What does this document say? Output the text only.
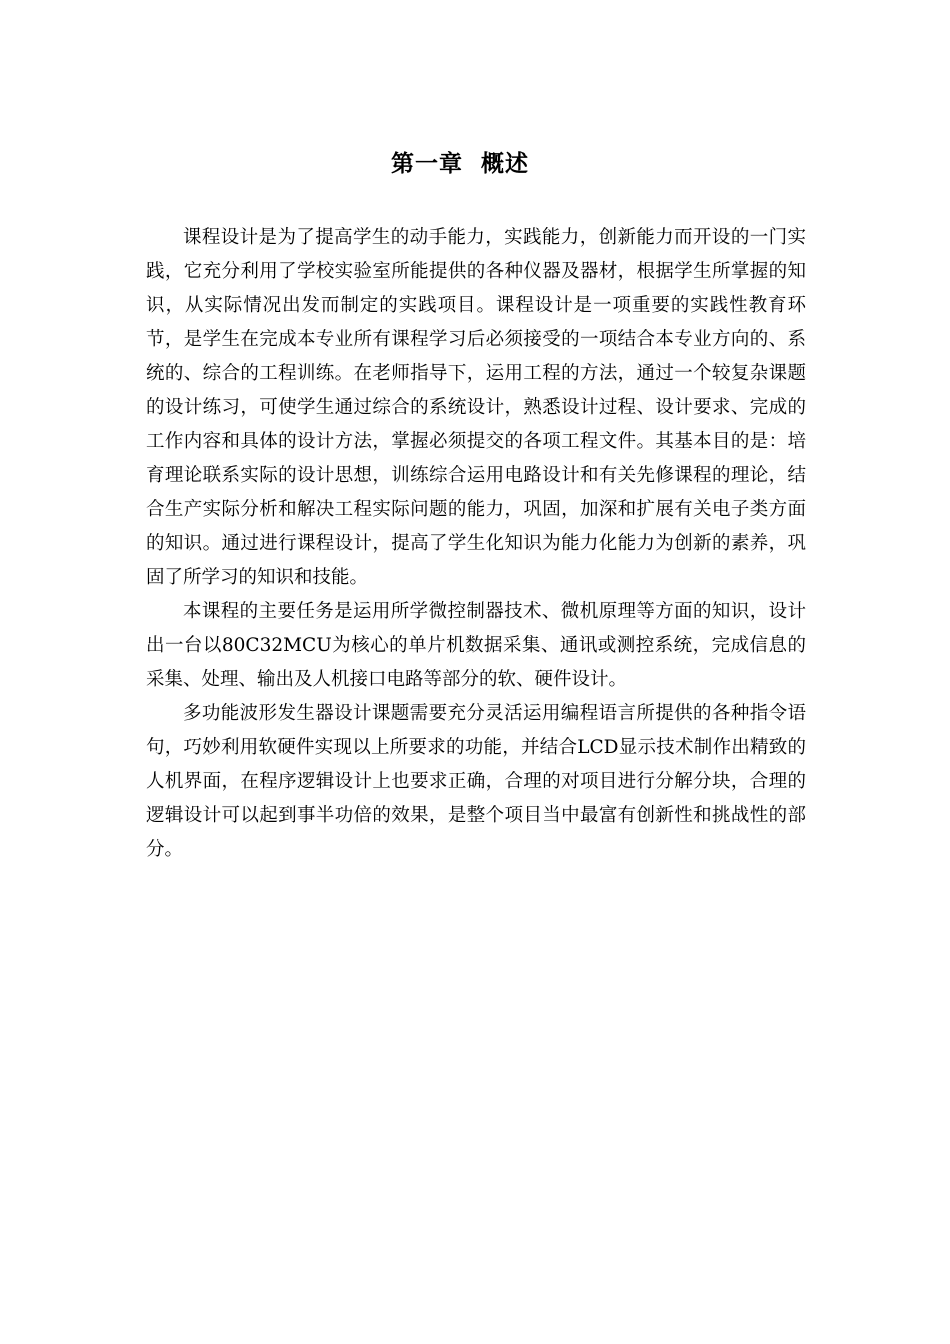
第一章  概述

课程设计是为了提高学生的动手能力，实践能力，创新能力而开设的一门实践，它充分利用了学校实验室所能提供的各种仪器及器材，根据学生所掌握的知识，从实际情况出发而制定的实践项目。课程设计是一项重要的实践性教育环节，是学生在完成本专业所有课程学习后必须接受的一项结合本专业方向的、系统的、综合的工程训练。在老师指导下，运用工程的方法，通过一个较复杂课题的设计练习，可使学生通过综合的系统设计，熟悉设计过程、设计要求、完成的工作内容和具体的设计方法，掌握必须提交的各项工程文件。其基本目的是：培育理论联系实际的设计思想，训练综合运用电路设计和有关先修课程的理论，结合生产实际分析和解决工程实际问题的能力，巩固，加深和扩展有关电子类方面的知识。通过进行课程设计，提高了学生化知识为能力化能力为创新的素养，巩固了所学习的知识和技能。

本课程的主要任务是运用所学微控制器技术、微机原理等方面的知识，设计出一台以80C32MCU为核心的单片机数据采集、通讯或测控系统，完成信息的采集、处理、输出及人机接口电路等部分的软、硬件设计。

多功能波形发生器设计课题需要充分灵活运用编程语言所提供的各种指令语句，巧妙利用软硬件实现以上所要求的功能，并结合LCD显示技术制作出精致的人机界面，在程序逻辑设计上也要求正确，合理的对项目进行分解分块，合理的逻辑设计可以起到事半功倍的效果，是整个项目当中最富有创新性和挑战性的部分。
